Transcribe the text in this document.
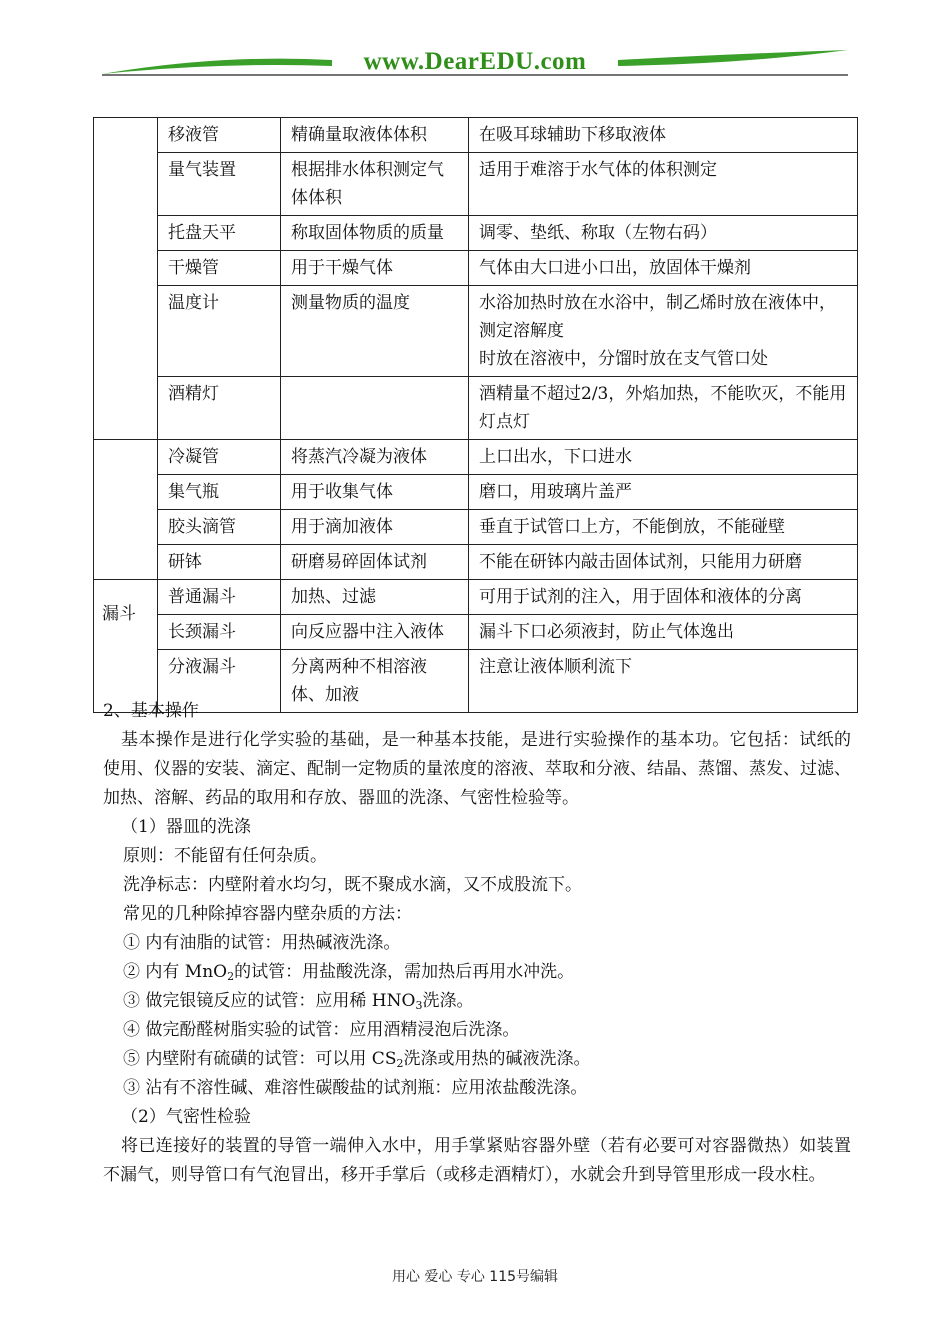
www.DearEDU.com
	移液管	精确量取液体体积	在吸耳球辅助下移取液体
	量气装置	根据排水体积测定气体体积	适用于难溶于水气体的体积测定
	托盘天平	称取固体物质的质量	调零、垫纸、称取（左物右码）
	干燥管	用于干燥气体	气体由大口进小口出，放固体干燥剂
	温度计	测量物质的温度	水浴加热时放在水浴中，制乙烯时放在液体中，测定溶解度
时放在溶液中，分馏时放在支气管口处

	酒精灯		酒精量不超过2/3，外焰加热，不能吹灭，不能用灯点灯
	冷凝管	将蒸汽冷凝为液体	上口出水，下口进水
	集气瓶	用于收集气体	磨口，用玻璃片盖严
	胶头滴管	用于滴加液体	垂直于试管口上方，不能倒放，不能碰壁
	研钵	研磨易碎固体试剂	不能在研钵内敲击固体试剂，只能用力研磨

漏斗	普通漏斗	加热、过滤	可用于试剂的注入，用于固体和液体的分离
	长颈漏斗	向反应器中注入液体	漏斗下口必须液封，防止气体逸出
	分液漏斗	分离两种不相溶液体、加液	注意让液体顺利流下

2、基本操作

基本操作是进行化学实验的基础，是一种基本技能，是进行实验操作的基本功。它包括：试纸的使用、仪器的安装、滴定、配制一定物质的量浓度的溶液、萃取和分液、结晶、蒸馏、蒸发、过滤、加热、溶解、药品的取用和存放、器皿的洗涤、气密性检验等。

（1）器皿的洗涤

原则：不能留有任何杂质。

洗净标志：内壁附着水均匀，既不聚成水滴，又不成股流下。

常见的几种除掉容器内壁杂质的方法：

① 内有油脂的试管：用热碱液洗涤。

② 内有 MnO$_2$的试管：用盐酸洗涤，需加热后再用水冲洗。

③ 做完银镜反应的试管：应用稀 $HNO_3$洗涤。

④ 做完酚醛树脂实验的试管：应用酒精浸泡后洗涤。

⑤ 内壁附有硫磺的试管：可以用 $CS_2$洗涤或用热的碱液洗涤。

③ 沾有不溶性碱、难溶性碳酸盐的试剂瓶：应用浓盐酸洗涤。

（2）气密性检验

将已连接好的装置的导管一端伸入水中，用手掌紧贴容器外壁（若有必要可对容器微热）如装置不漏气，则导管口有气泡冒出，移开手掌后（或移走酒精灯），水就会升到导管里形成一段水柱。

用心 爱心 专心 115号编辑
